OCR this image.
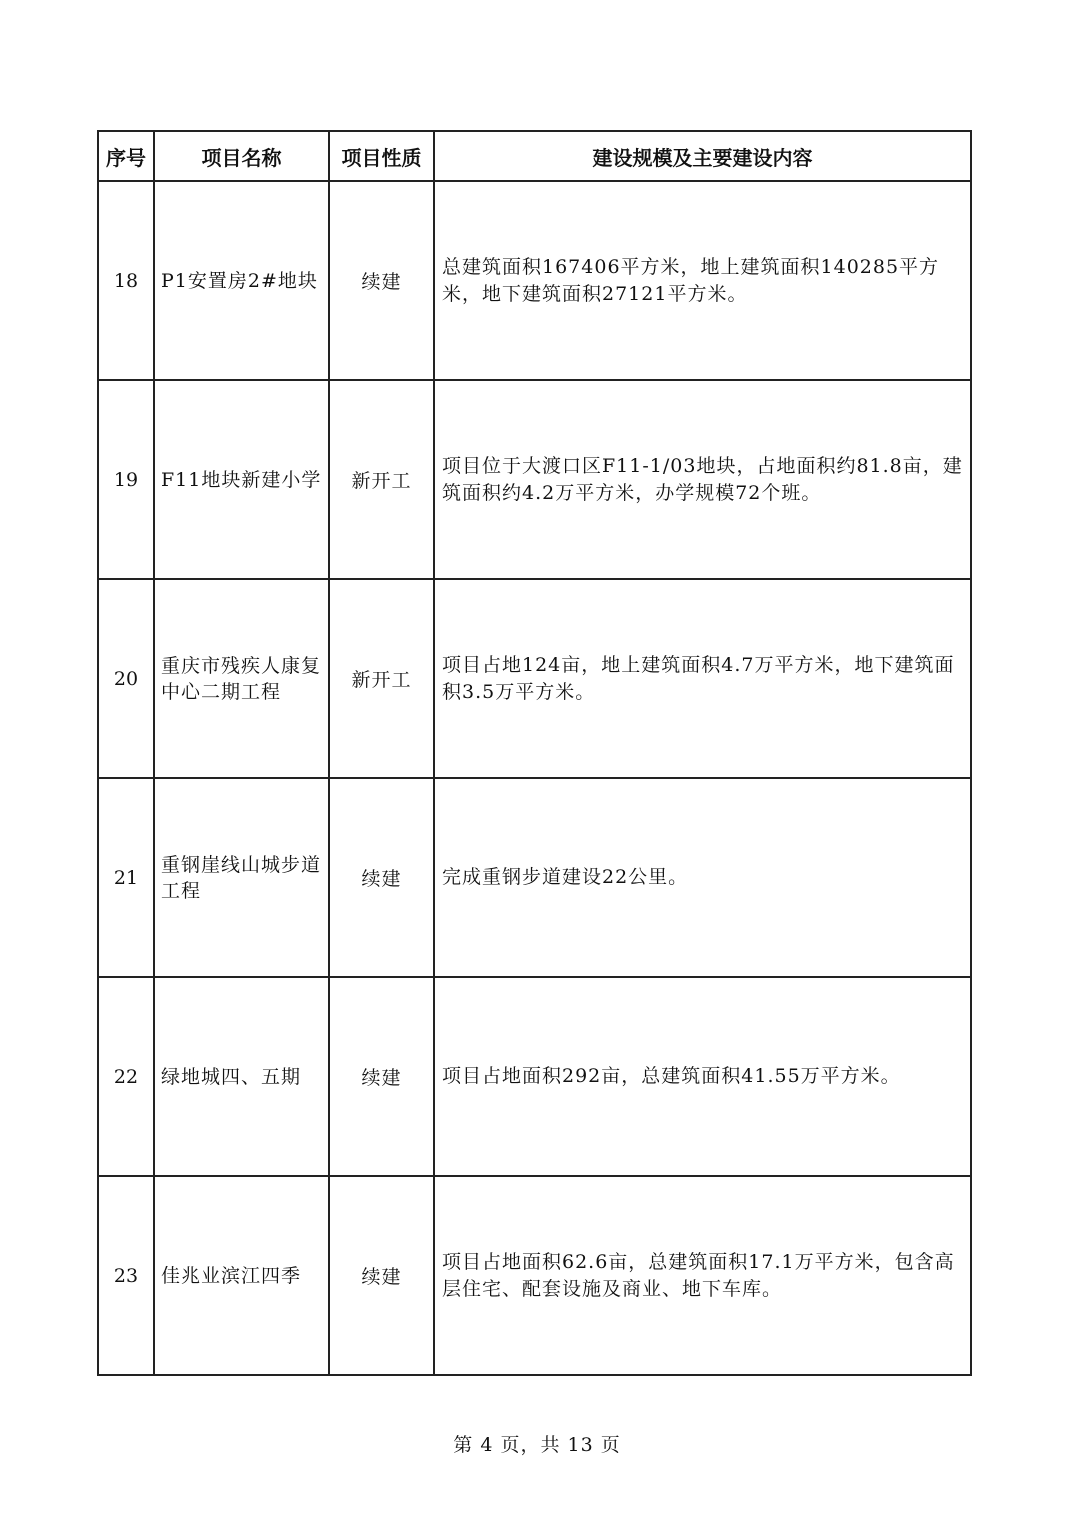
序号	项目名称	项目性质	建设规模及主要建设内容
18	P1安置房2#地块	续建	总建筑面积167406平方米，地上建筑面积140285平方米，地下建筑面积27121平方米。
19	F11地块新建小学	新开工	项目位于大渡口区F11-1/03地块，占地面积约81.8亩，建筑面积约4.2万平方米，办学规模72个班。
20	重庆市残疾人康复中心二期工程	新开工	项目占地124亩，地上建筑面积4.7万平方米，地下建筑面积3.5万平方米。
21	重钢崖线山城步道工程	续建	完成重钢步道建设22公里。
22	绿地城四、五期	续建	项目占地面积292亩，总建筑面积41.55万平方米。
23	佳兆业滨江四季	续建	项目占地面积62.6亩，总建筑面积17.1万平方米，包含高层住宅、配套设施及商业、地下车库。
第 4 页，共 13 页
